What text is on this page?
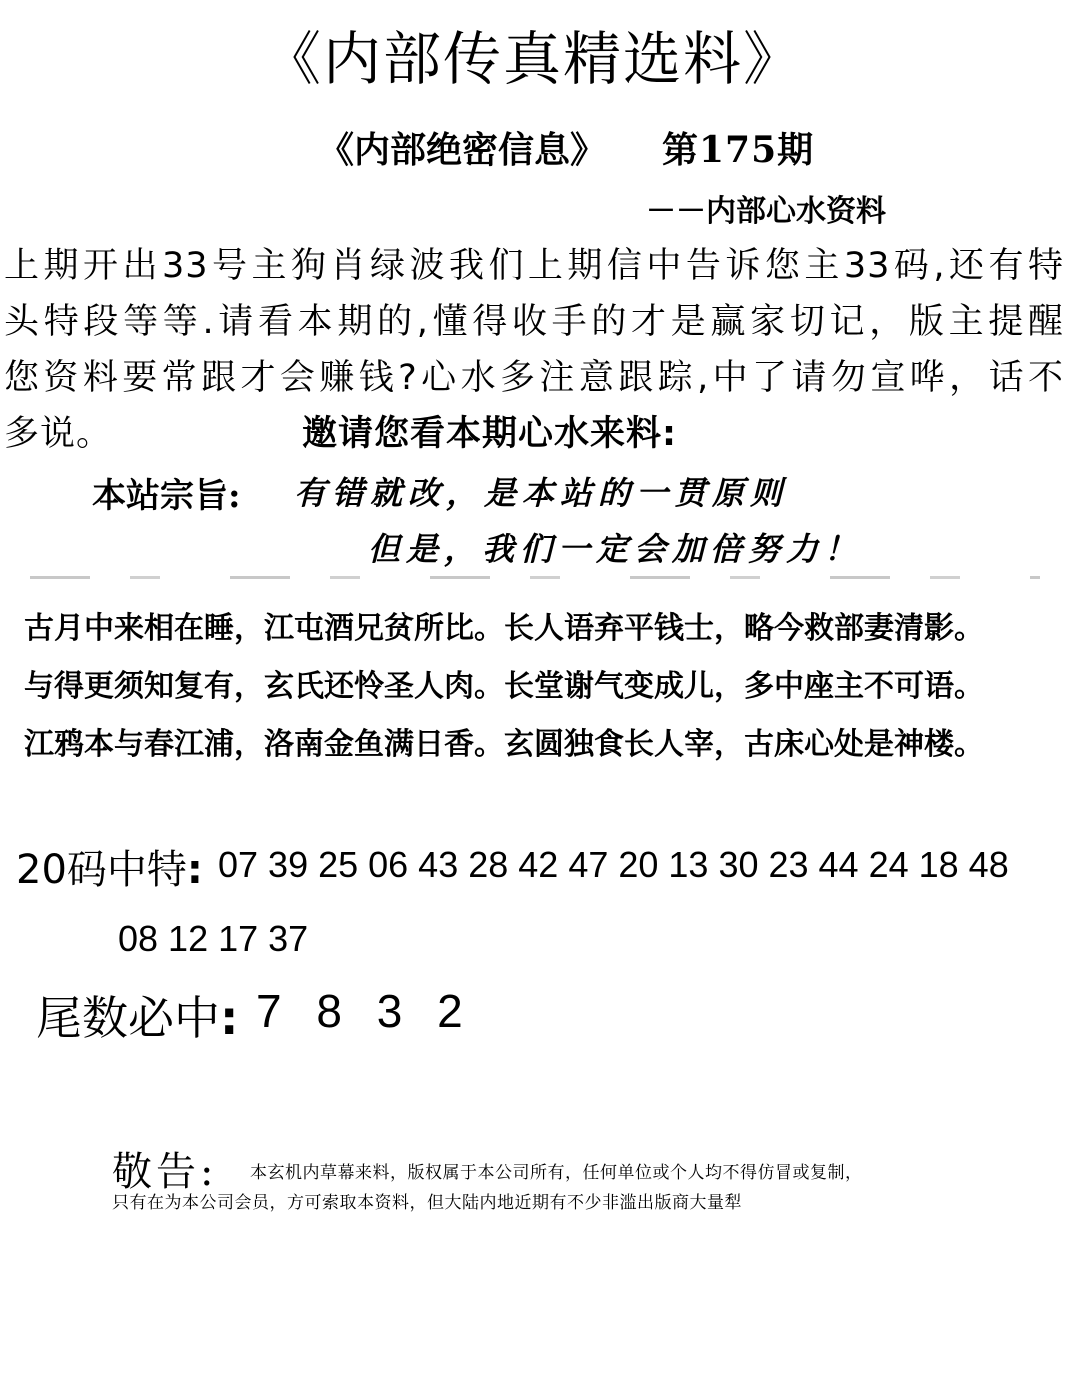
《内部传真精选料》
《内部绝密信息》 第175期
－－内部心水资料
上期开出33号主狗肖绿波我们上期信中告诉您主33码,还有特
头特段等等.请看本期的,懂得收手的才是赢家切记，版主提醒
您资料要常跟才会赚钱?心水多注意跟踪,中了请勿宣哗，话不
多说。	邀请您看本期心水来料:
本站宗旨: 有错就改，是本站的一贯原则
但是，我们一定会加倍努力！
古月中来相在睡，江屯酒兄贫所比。长人语弃平钱士，略今救部妻清影。
与得更须知复有，玄氏还怜圣人肉。长堂谢气变成儿，多中座主不可语。
江鸦本与春江浦，洛南金鱼满日香。玄圆独食长人宰，古床心处是神楼。
20码中特: 07 39 25 06 43 28 42 47 20 13 30 23 44 24 18 48
08 12 17 37
尾数必中: 7 8 3 2
敬告: 本玄机内草幕来料，版权属于本公司所有，任何单位或个人均不得仿冒或复制，
只有在为本公司会员，方可索取本资料，但大陆内地近期有不少非滥出版商大量犁
